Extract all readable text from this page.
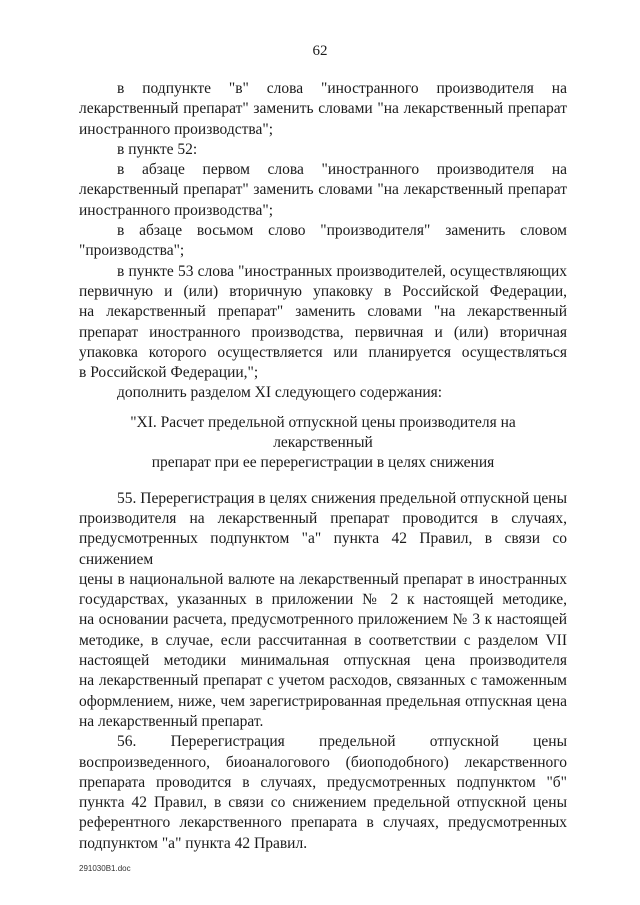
62

в подпунктe "в" слова "иностранного производителя на
лекарственный препарат" заменить словами "на лекарственный препарат
иностранного производства";

в пункте 52:

в абзаце первом слова "иностранного производителя на
лекарственный препарат" заменить словами "на лекарственный препарат
иностранного производства";

в абзаце восьмом слово "производителя" заменить словом
"производства";

в пункте 53 слова "иностранных производителей, осуществляющих
первичную и (или) вторичную упаковку в Российской Федерации,
на лекарственный препарат" заменить словами "на лекарственный
препарат иностранного производства, первичная и (или) вторичная
упаковка которого осуществляется или планируется осуществляться
в Российской Федерации,";

дополнить разделом XI следующего содержания:

"XI. Расчет предельной отпускной цены производителя на лекарственный
препарат при ее перерегистрации в целях снижения

55. Перерегистрация в целях снижения предельной отпускной цены
производителя на лекарственный препарат проводится в случаях,
предусмотренных подпунктом "а" пункта 42 Правил, в связи со снижением
цены в национальной валюте на лекарственный препарат в иностранных
государствах, указанных в приложении № 2 к настоящей методике,
на основании расчета, предусмотренного приложением № 3 к настоящей
методике, в случае, если рассчитанная в соответствии с разделом VII
настоящей методики минимальная отпускная цена производителя
на лекарственный препарат с учетом расходов, связанных с таможенным
оформлением, ниже, чем зарегистрированная предельная отпускная цена
на лекарственный препарат.

56. Перерегистрация предельной отпускной цены
воспроизведенного, биоаналогового (биоподобного) лекарственного
препарата проводится в случаях, предусмотренных подпунктом "б"
пункта 42 Правил, в связи со снижением предельной отпускной цены
референтного лекарственного препарата в случаях, предусмотренных
подпунктом "а" пункта 42 Правил.

291030B1.doc
